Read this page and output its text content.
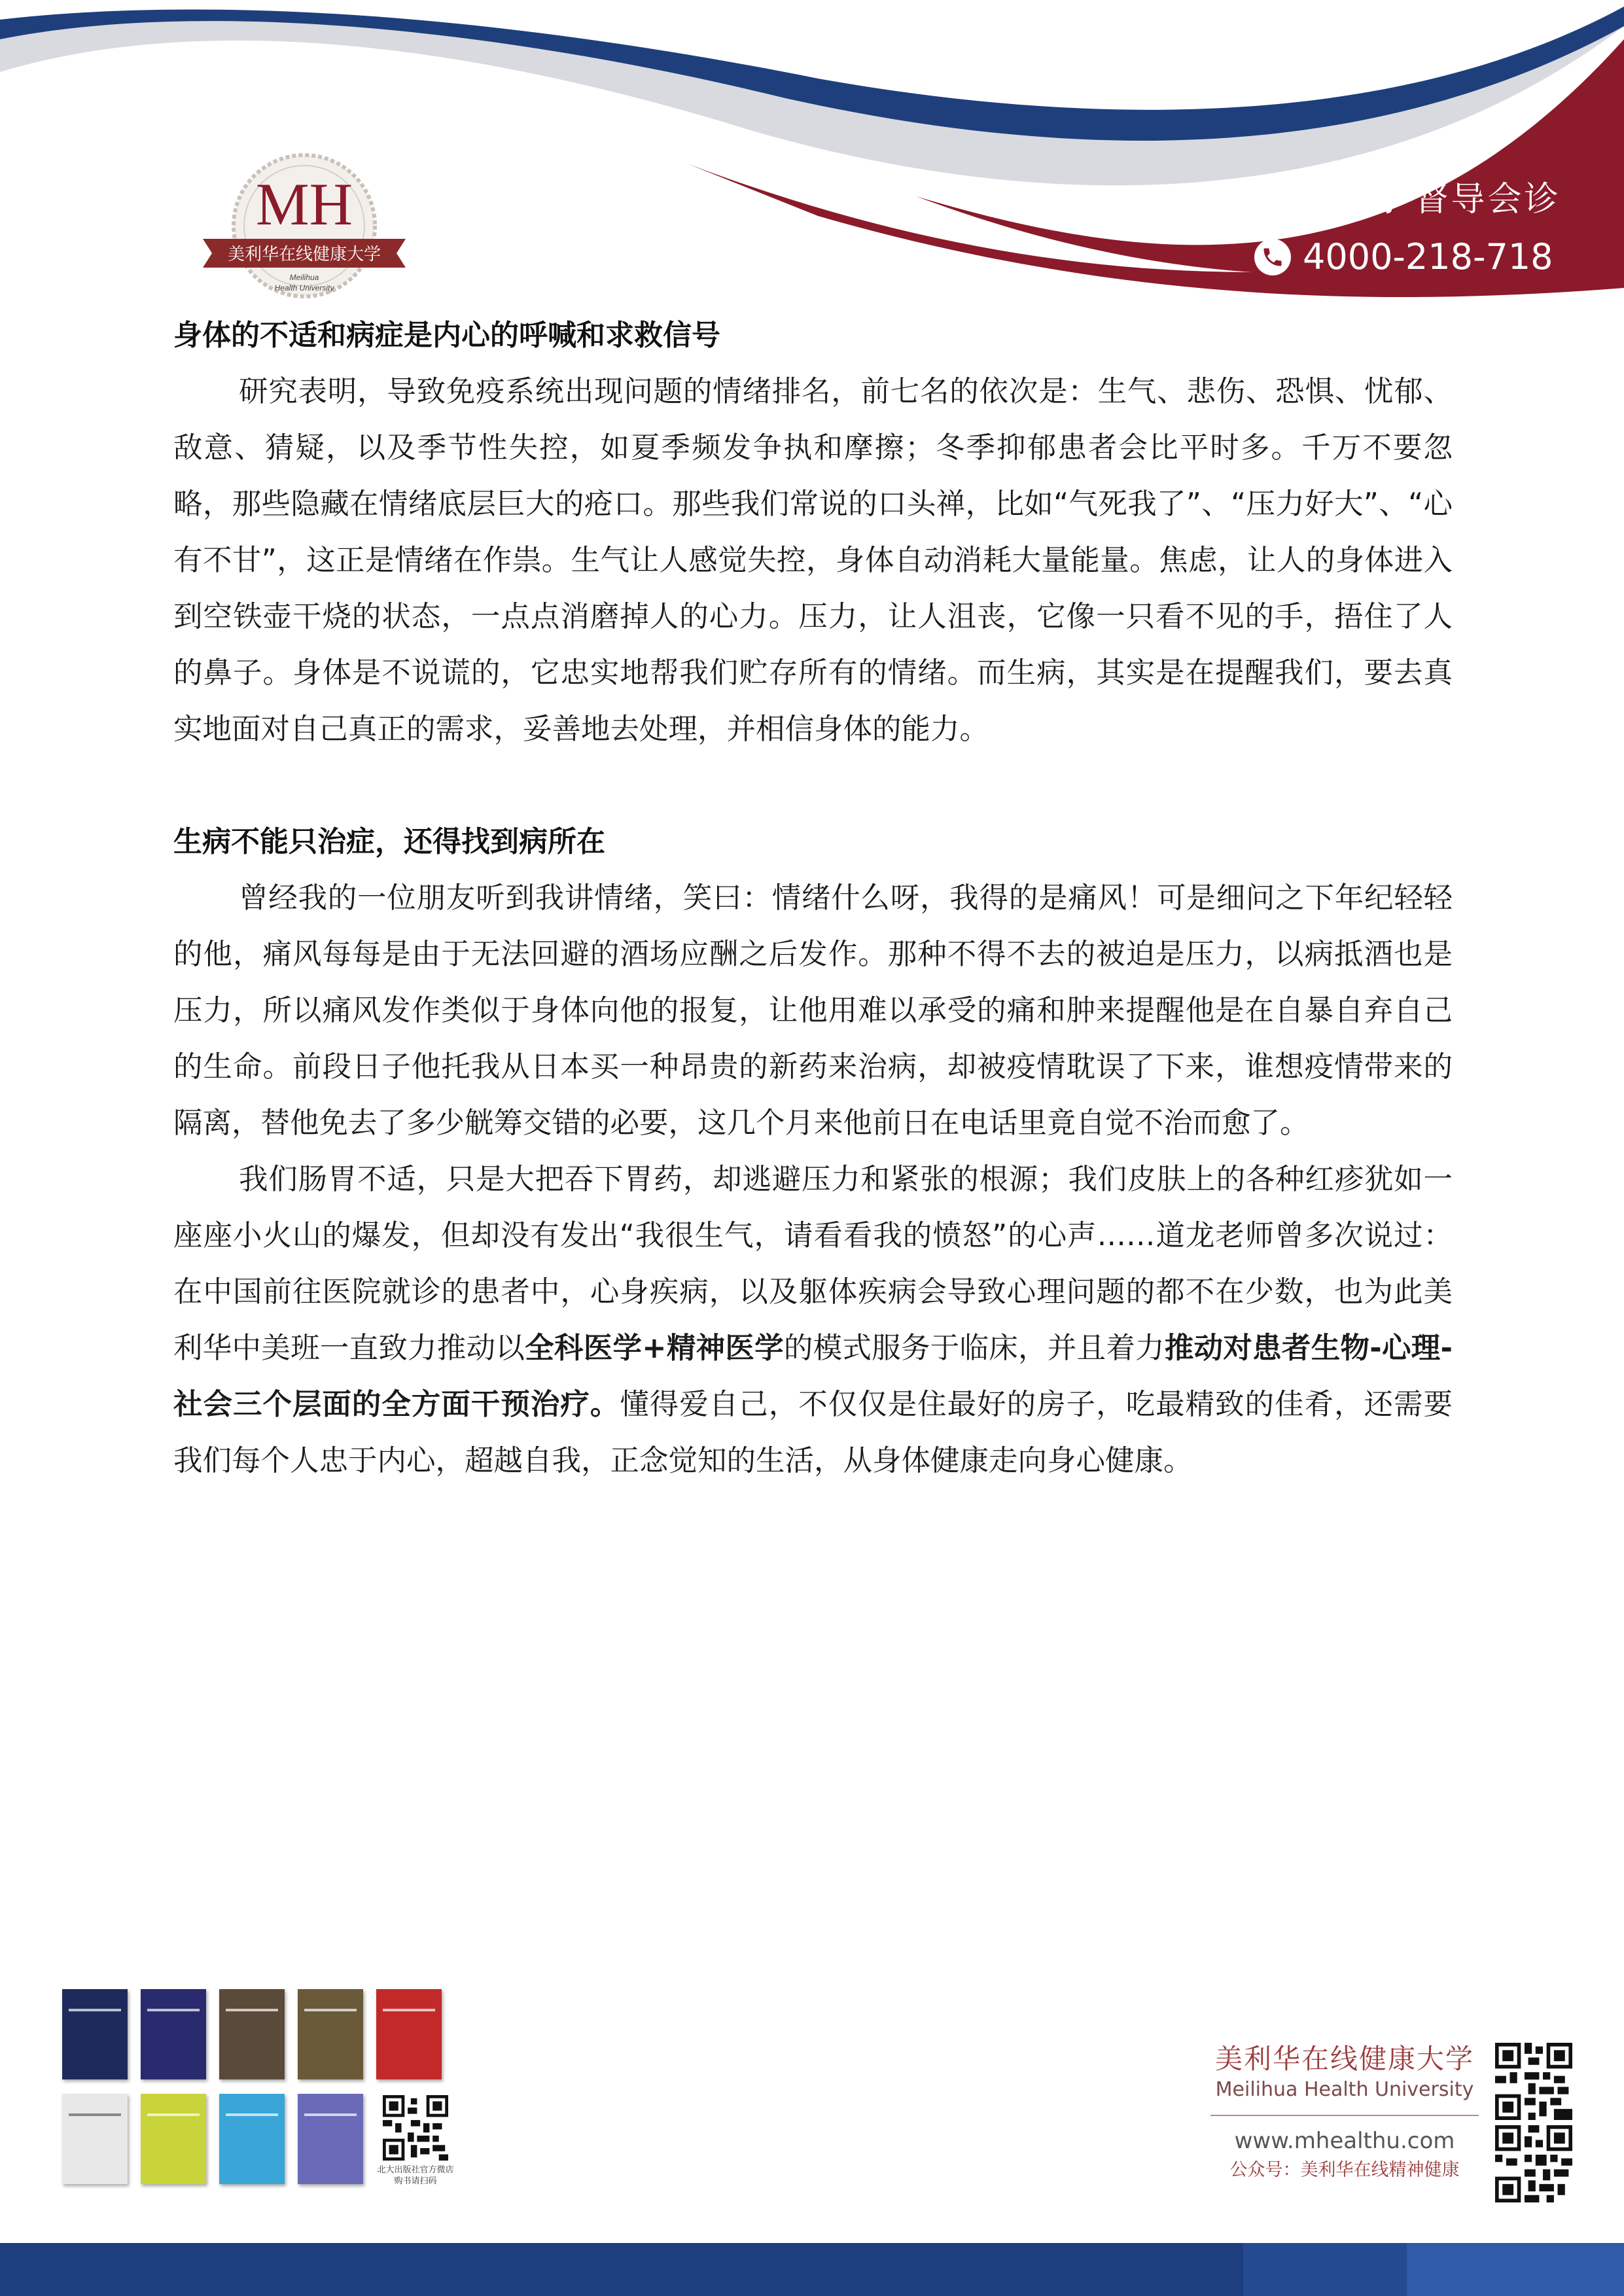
MH
美利华在线健康大学
Meilihua
Health University
报名学习 督导会诊
4000-218-718
身体的不适和病症是内心的呼喊和求救信号

研究表明，导致免疫系统出现问题的情绪排名，前七名的依次是：生气、悲伤、恐惧、忧郁、敌意、猜疑，以及季节性失控，如夏季频发争执和摩擦；冬季抑郁患者会比平时多。千万不要忽略，那些隐藏在情绪底层巨大的疮口。那些我们常说的口头禅，比如“气死我了”、“压力好大”、“心有不甘”，这正是情绪在作祟。生气让人感觉失控，身体自动消耗大量能量。焦虑，让人的身体进入到空铁壶干烧的状态，一点点消磨掉人的心力。压力，让人沮丧，它像一只看不见的手，捂住了人的鼻子。身体是不说谎的，它忠实地帮我们贮存所有的情绪。而生病，其实是在提醒我们，要去真实地面对自己真正的需求，妥善地去处理，并相信身体的能力。

生病不能只治症，还得找到病所在

曾经我的一位朋友听到我讲情绪，笑曰：情绪什么呀，我得的是痛风！可是细问之下年纪轻轻的他，痛风每每是由于无法回避的酒场应酬之后发作。那种不得不去的被迫是压力，以病抵酒也是压力，所以痛风发作类似于身体向他的报复，让他用难以承受的痛和肿来提醒他是在自暴自弃自己的生命。前段日子他托我从日本买一种昂贵的新药来治病，却被疫情耽误了下来，谁想疫情带来的隔离，替他免去了多少觥筹交错的必要，这几个月来他前日在电话里竟自觉不治而愈了。

我们肠胃不适，只是大把吞下胃药，却逃避压力和紧张的根源；我们皮肤上的各种红疹犹如一座座小火山的爆发，但却没有发出“我很生气，请看看我的愤怒”的心声……道龙老师曾多次说过：在中国前往医院就诊的患者中，心身疾病，以及躯体疾病会导致心理问题的都不在少数，也为此美利华中美班一直致力推动以全科医学+精神医学的模式服务于临床，并且着力推动对患者生物-心理-社会三个层面的全方面干预治疗。懂得爱自己，不仅仅是住最好的房子，吃最精致的佳肴，还需要我们每个人忠于内心，超越自我，正念觉知的生活，从身体健康走向身心健康。

北大出版社官方微店
购书请扫码
美利华在线健康大学
Meilihua Health University
www.mhealthu.com
公众号：美利华在线精神健康
